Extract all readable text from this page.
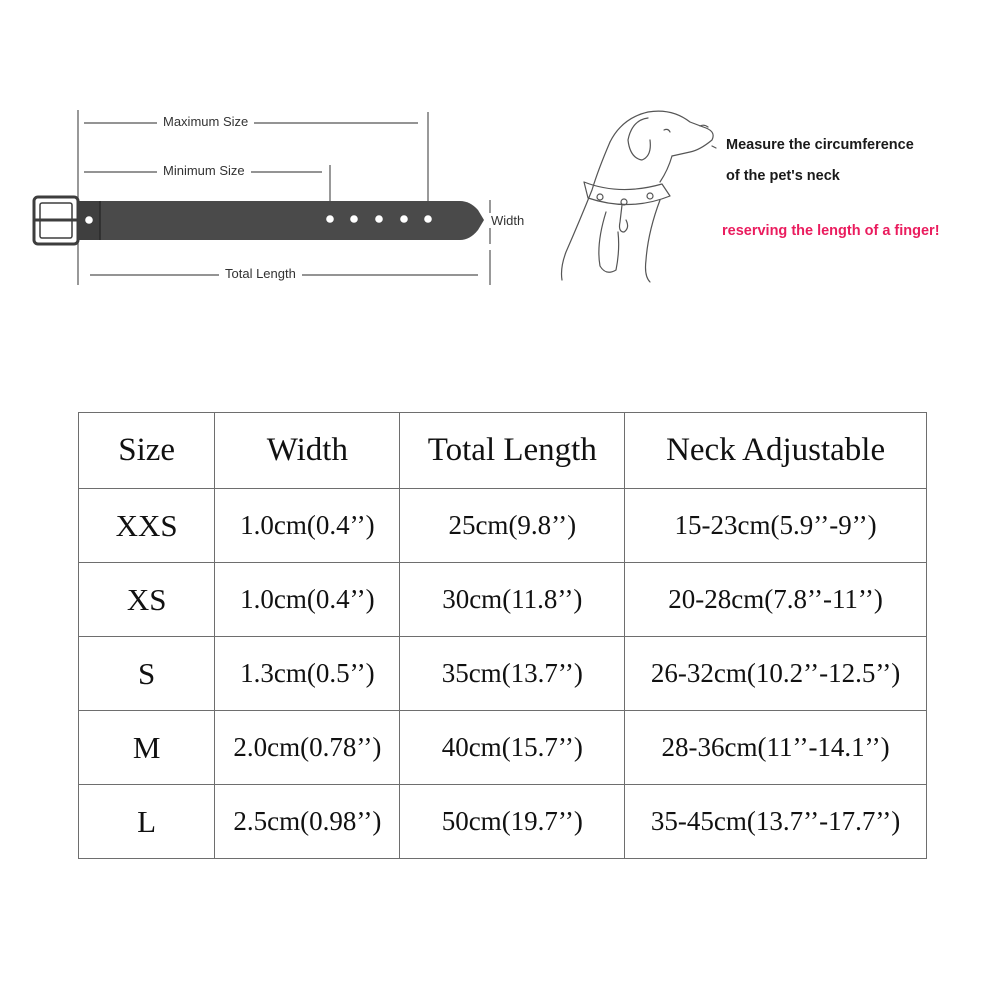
Maximum Size
Minimum Size
Total Length
Width
Measure the circumference
of the pet's neck
reserving the length of a finger!
Size	Width	Total Length	Neck Adjustable
XXS	1.0cm(0.4’’)	25cm(9.8’’)	15-23cm(5.9’’-9’’)
XS	1.0cm(0.4’’)	30cm(11.8’’)	20-28cm(7.8’’-11’’)
S	1.3cm(0.5’’)	35cm(13.7’’)	26-32cm(10.2’’-12.5’’)
M	2.0cm(0.78’’)	40cm(15.7’’)	28-36cm(11’’-14.1’’)
L	2.5cm(0.98’’)	50cm(19.7’’)	35-45cm(13.7’’-17.7’’)
